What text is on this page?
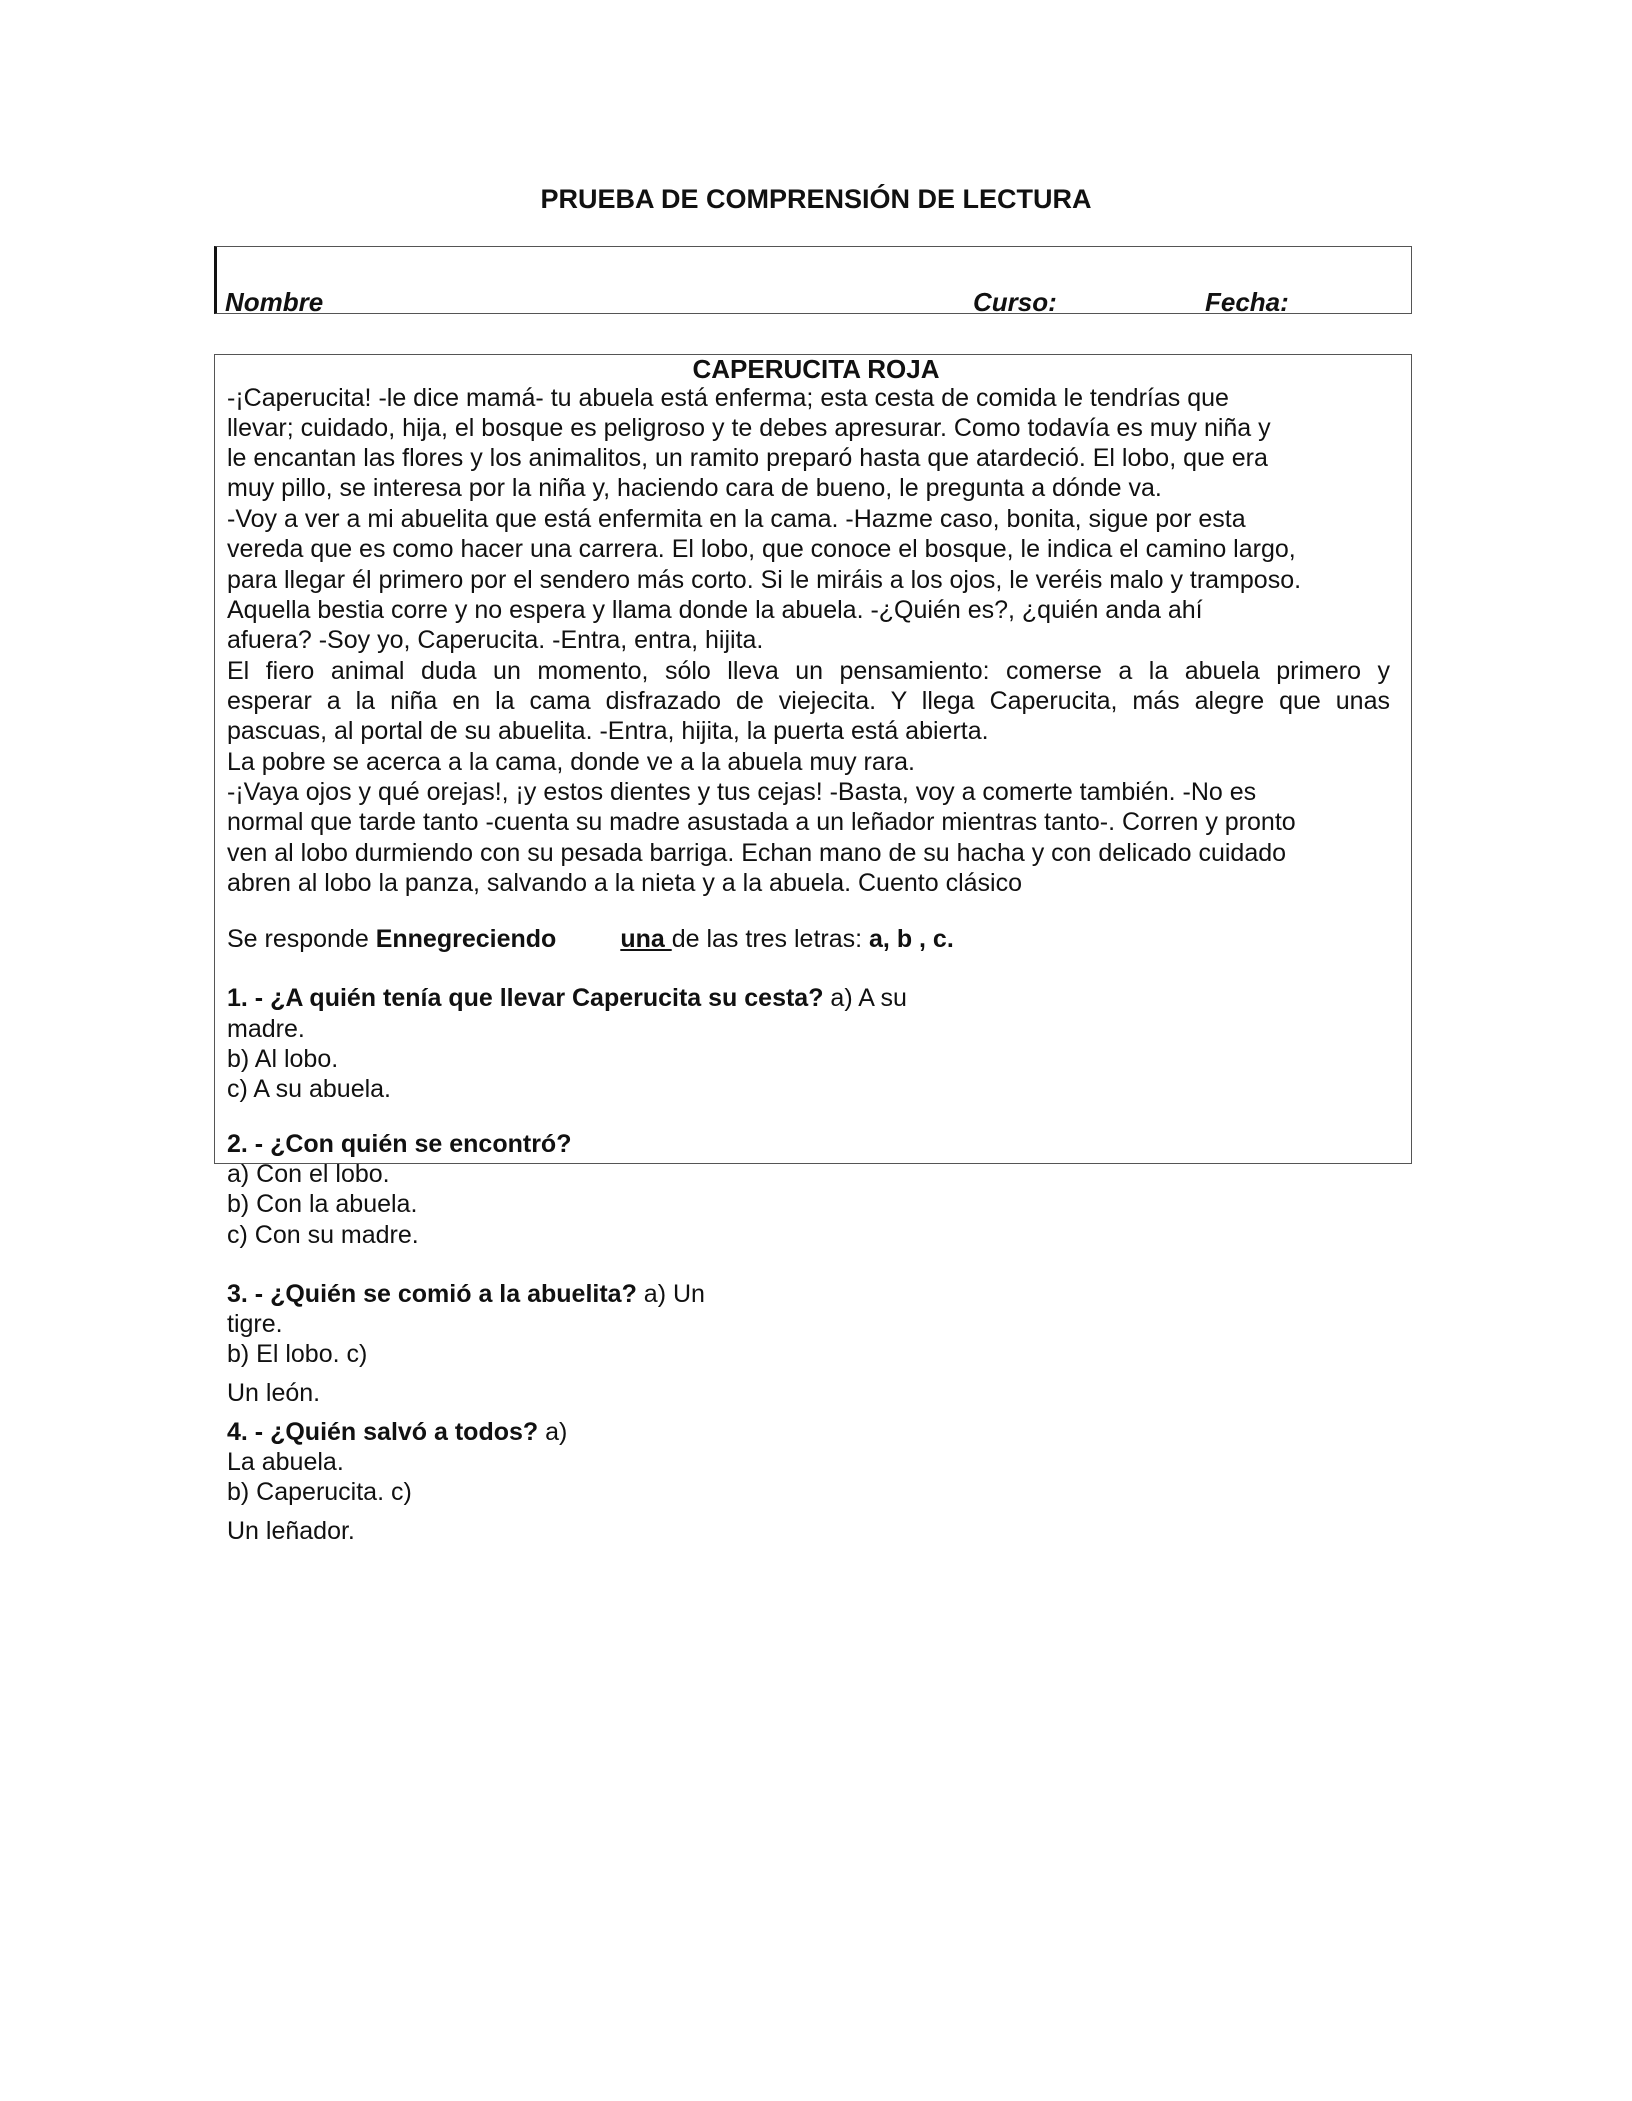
PRUEBA DE COMPRENSIÓN DE LECTURA
Nombre	Curso:	Fecha:
CAPERUCITA ROJA
-¡Caperucita! -le dice mamá- tu abuela está enferma; esta cesta de comida le tendrías que
llevar; cuidado, hija, el bosque es peligroso y te debes apresurar. Como todavía es muy niña y
le encantan las flores y los animalitos, un ramito preparó hasta que atardeció. El lobo, que era
muy pillo, se interesa por la niña y, haciendo cara de bueno, le pregunta a dónde va.
-Voy a ver a mi abuelita que está enfermita en la cama. -Hazme caso, bonita, sigue por esta
vereda que es como hacer una carrera. El lobo, que conoce el bosque, le indica el camino largo,
para llegar él primero por el sendero más corto. Si le miráis a los ojos, le veréis malo y tramposo.
Aquella bestia corre y no espera y llama donde la abuela. -¿Quién es?, ¿quién anda ahí
afuera? -Soy yo, Caperucita. -Entra, entra, hijita.
El fiero animal duda un momento, sólo lleva un pensamiento: comerse a la abuela primero y
esperar a la niña en la cama disfrazado de viejecita. Y llega Caperucita, más alegre que unas
pascuas, al portal de su abuelita. -Entra, hijita, la puerta está abierta.
La pobre se acerca a la cama, donde ve a la abuela muy rara.
-¡Vaya ojos y qué orejas!, ¡y estos dientes y tus cejas! -Basta, voy a comerte también. -No es
normal que tarde tanto -cuenta su madre asustada a un leñador mientras tanto-. Corren y pronto
ven al lobo durmiendo con su pesada barriga. Echan mano de su hacha y con delicado cuidado
abren al lobo la panza, salvando a la nieta y a la abuela. Cuento clásico
Se responde Ennegreciendo	una de las tres letras: a, b , c.
1. - ¿A quién tenía que llevar Caperucita su cesta? a) A su
madre.
b) Al lobo.
c) A su abuela.
2. - ¿Con quién se encontró?
a) Con el lobo.
b) Con la abuela.
c) Con su madre.
3. - ¿Quién se comió a la abuelita? a) Un
tigre.
b) El lobo. c)
Un león.
4. - ¿Quién salvó a todos? a)
La abuela.
b) Caperucita. c)
Un leñador.
